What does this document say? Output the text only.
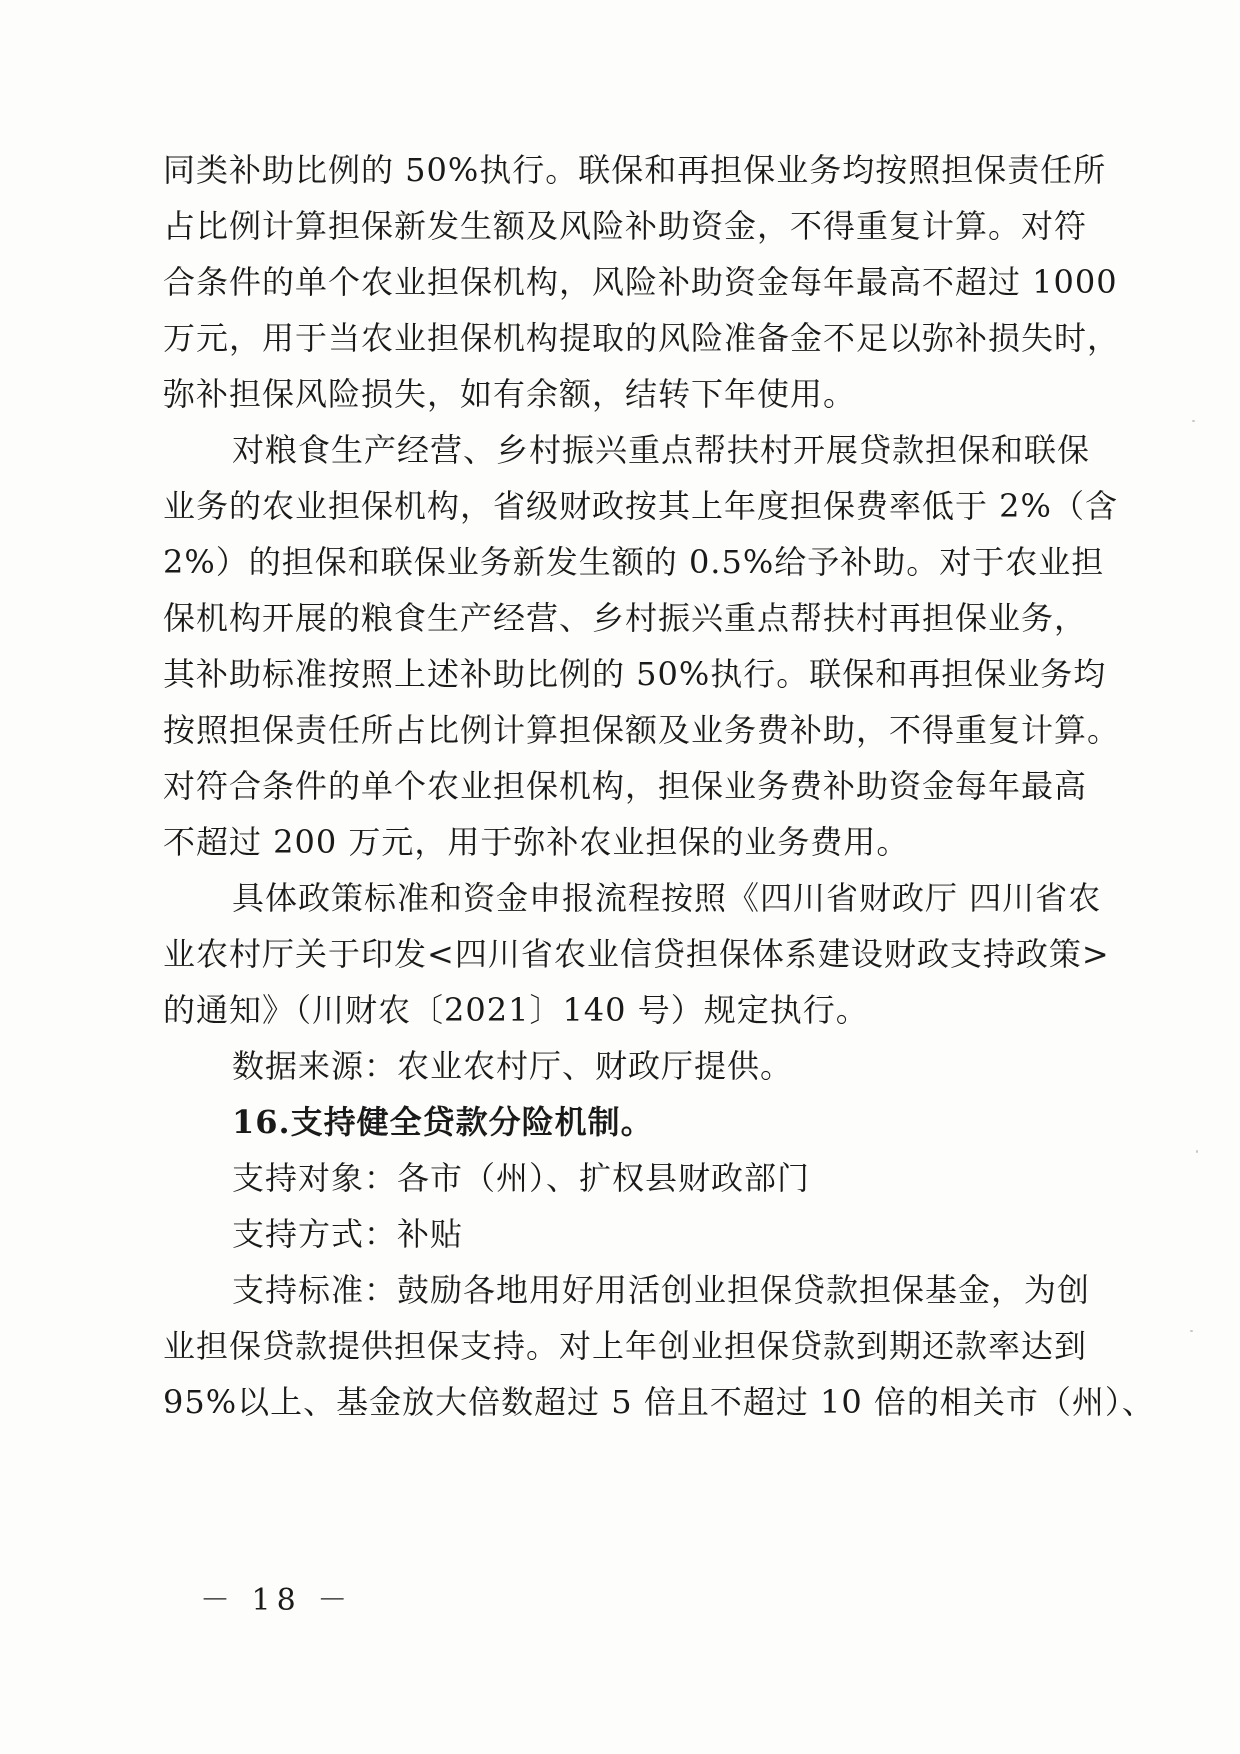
同类补助比例的 50%执行。联保和再担保业务均按照担保责任所
占比例计算担保新发生额及风险补助资金，不得重复计算。对符
合条件的单个农业担保机构，风险补助资金每年最高不超过 1000
万元，用于当农业担保机构提取的风险准备金不足以弥补损失时，
弥补担保风险损失，如有余额，结转下年使用。
对粮食生产经营、乡村振兴重点帮扶村开展贷款担保和联保
业务的农业担保机构，省级财政按其上年度担保费率低于 2%（含
2%）的担保和联保业务新发生额的 0.5%给予补助。对于农业担
保机构开展的粮食生产经营、乡村振兴重点帮扶村再担保业务，
其补助标准按照上述补助比例的 50%执行。联保和再担保业务均
按照担保责任所占比例计算担保额及业务费补助，不得重复计算。
对符合条件的单个农业担保机构，担保业务费补助资金每年最高
不超过 200 万元，用于弥补农业担保的业务费用。
具体政策标准和资金申报流程按照《四川省财政厅 四川省农
业农村厅关于印发<四川省农业信贷担保体系建设财政支持政策>
的通知》（川财农〔2021〕140 号）规定执行。
数据来源：农业农村厅、财政厅提供。
16.支持健全贷款分险机制。
支持对象：各市（州）、扩权县财政部门
支持方式：补贴
支持标准：鼓励各地用好用活创业担保贷款担保基金，为创
业担保贷款提供担保支持。对上年创业担保贷款到期还款率达到
95%以上、基金放大倍数超过 5 倍且不超过 10 倍的相关市（州）、
－ 18 －
